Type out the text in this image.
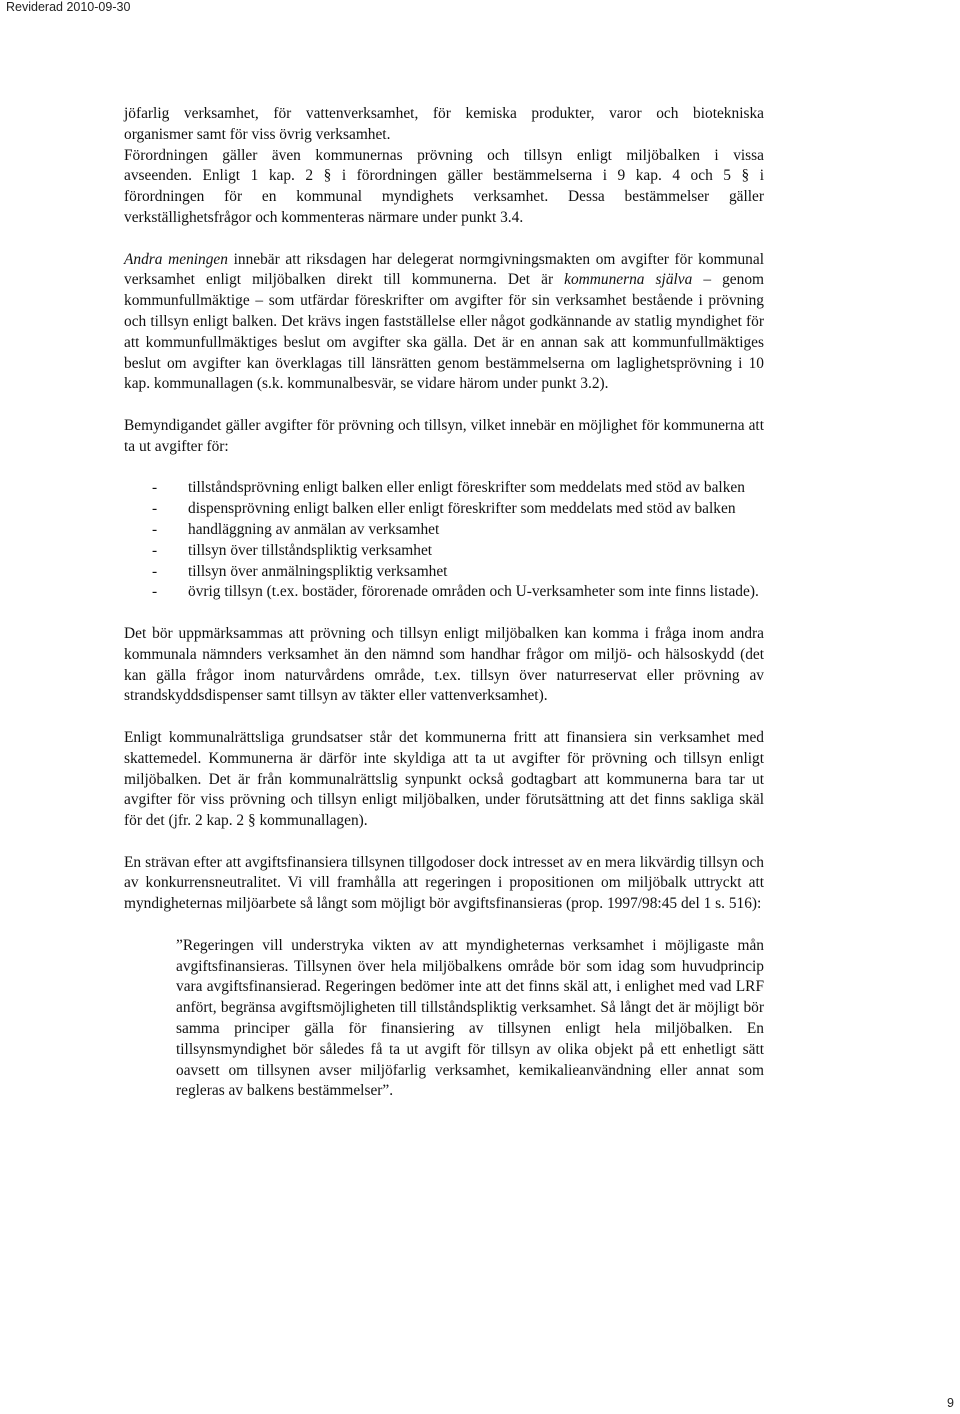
Reviderad 2010-09-30

jöfarlig verksamhet, för vattenverksamhet, för kemiska produkter, varor och biotekniska
organismer samt för viss övrig verksamhet.
Förordningen gäller även kommunernas prövning och tillsyn enligt miljöbalken i vissa
avseenden. Enligt 1 kap. 2 § i förordningen gäller bestämmelserna i 9 kap. 4 och 5 § i
förordningen för en kommunal myndighets verksamhet. Dessa bestämmelser gäller
verkställighetsfrågor och kommenteras närmare under punkt 3.4.

Andra meningen innebär att riksdagen har delegerat normgivningsmakten om avgifter för kommunal verksamhet enligt miljöbalken direkt till kommunerna. Det är kommunerna själva – genom kommunfullmäktige – som utfärdar föreskrifter om avgifter för sin verksamhet bestående i prövning och tillsyn enligt balken. Det krävs ingen fastställelse eller något godkännande av statlig myndighet för att kommunfullmäktiges beslut om avgifter ska gälla. Det är en annan sak att kommunfullmäktiges beslut om avgifter kan överklagas till länsrätten genom bestämmelserna om laglighetsprövning i 10 kap. kommunallagen (s.k. kommunalbesvär, se vidare härom under punkt 3.2).

Bemyndigandet gäller avgifter för prövning och tillsyn, vilket innebär en möjlighet för kommunerna att ta ut avgifter för:

- tillståndsprövning enligt balken eller enligt föreskrifter som meddelats med stöd av balken
- dispensprövning enligt balken eller enligt föreskrifter som meddelats med stöd av balken
- handläggning av anmälan av verksamhet
- tillsyn över tillståndspliktig verksamhet
- tillsyn över anmälningspliktig verksamhet
- övrig tillsyn (t.ex. bostäder, förorenade områden och U-verksamheter som inte finns listade).

Det bör uppmärksammas att prövning och tillsyn enligt miljöbalken kan komma i fråga inom andra kommunala nämnders verksamhet än den nämnd som handhar frågor om miljö- och hälsoskydd (det kan gälla frågor inom naturvårdens område, t.ex. tillsyn över naturreservat eller prövning av strandskyddsdispenser samt tillsyn av täkter eller vattenverksamhet).

Enligt kommunalrättsliga grundsatser står det kommunerna fritt att finansiera sin verksamhet med skattemedel. Kommunerna är därför inte skyldiga att ta ut avgifter för prövning och tillsyn enligt miljöbalken. Det är från kommunalrättslig synpunkt också godtagbart att kommunerna bara tar ut avgifter för viss prövning och tillsyn enligt miljöbalken, under förutsättning att det finns sakliga skäl för det (jfr. 2 kap. 2 § kommunallagen).

En strävan efter att avgiftsfinansiera tillsynen tillgodoser dock intresset av en mera likvärdig tillsyn och av konkurrensneutralitet. Vi vill framhålla att regeringen i propositionen om miljöbalk uttryckt att myndigheternas miljöarbete så långt som möjligt bör avgiftsfinansieras (prop. 1997/98:45 del 1 s. 516):

”Regeringen vill understryka vikten av att myndigheternas verksamhet i möjligaste mån avgiftsfinansieras. Tillsynen över hela miljöbalkens område bör som idag som huvudprincip vara avgiftsfinansierad. Regeringen bedömer inte att det finns skäl att, i enlighet med vad LRF anfört, begränsa avgiftsmöjligheten till tillståndspliktig verksamhet. Så långt det är möjligt bör samma principer gälla för finansiering av tillsynen enligt hela miljöbalken. En tillsynsmyndighet bör således få ta ut avgift för tillsyn av olika objekt på ett enhetligt sätt oavsett om tillsynen avser miljöfarlig verksamhet, kemikalieanvändning eller annat som regleras av balkens bestämmelser”.

9
